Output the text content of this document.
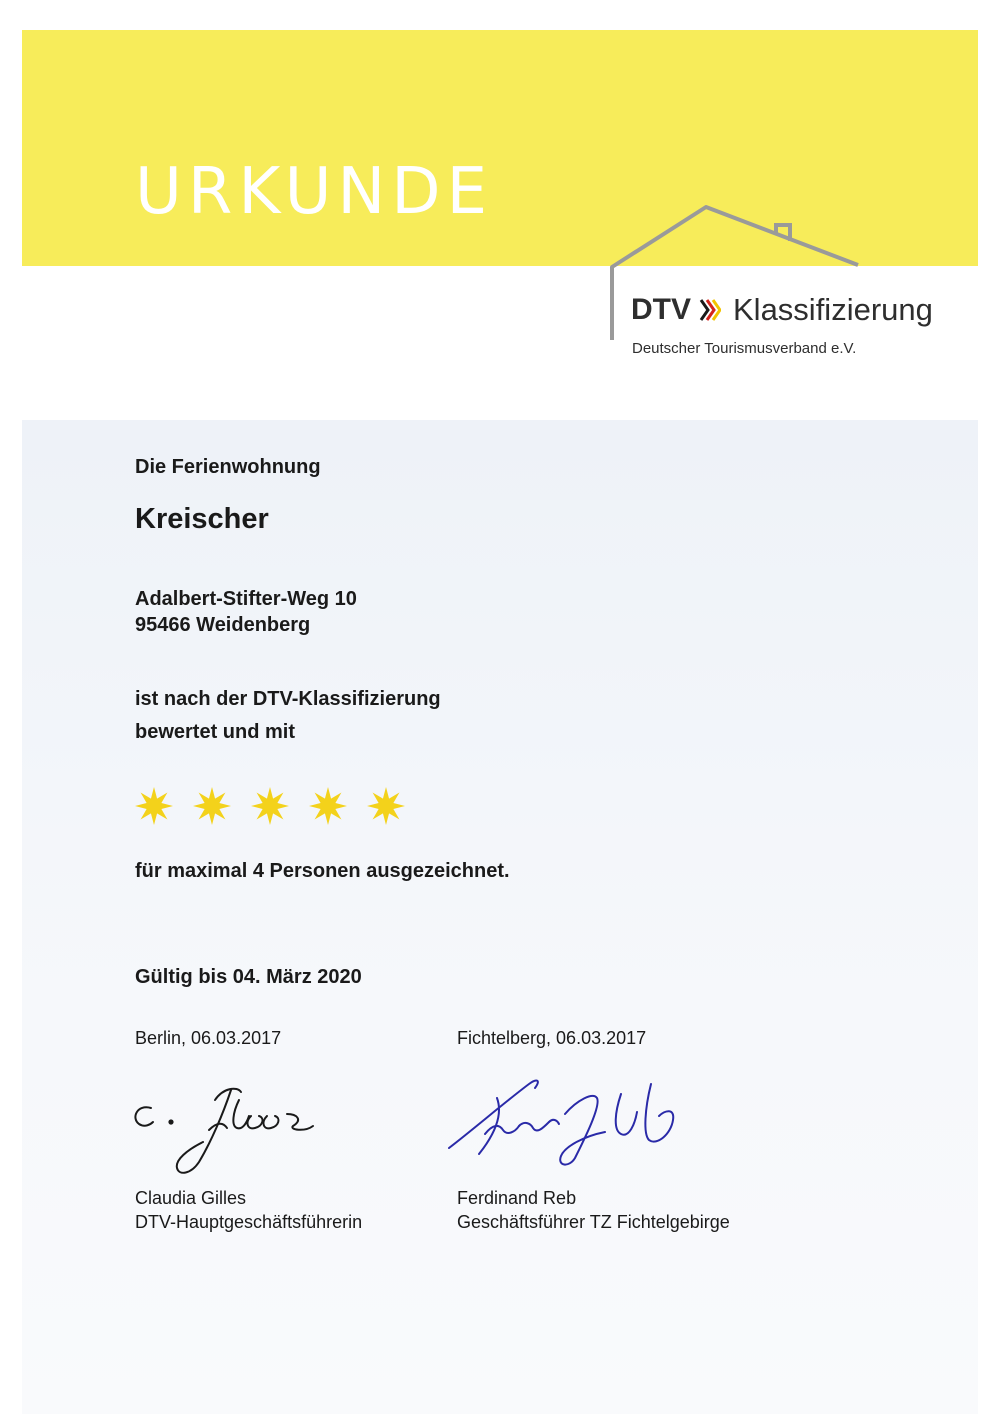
URKUNDE
DTV Klassifizierung
Deutscher Tourismusverband e.V.

Die Ferienwohnung

Kreischer

Adalbert-Stifter-Weg 10

95466 Weidenberg

ist nach der DTV-Klassifizierung

bewertet und mit

für maximal 4 Personen ausgezeichnet.

Gültig bis 04. März 2020

Berlin, 06.03.2017

Claudia Gilles

DTV-Hauptgeschäftsführerin

Fichtelberg, 06.03.2017

Ferdinand Reb

Geschäftsführer TZ Fichtelgebirge
